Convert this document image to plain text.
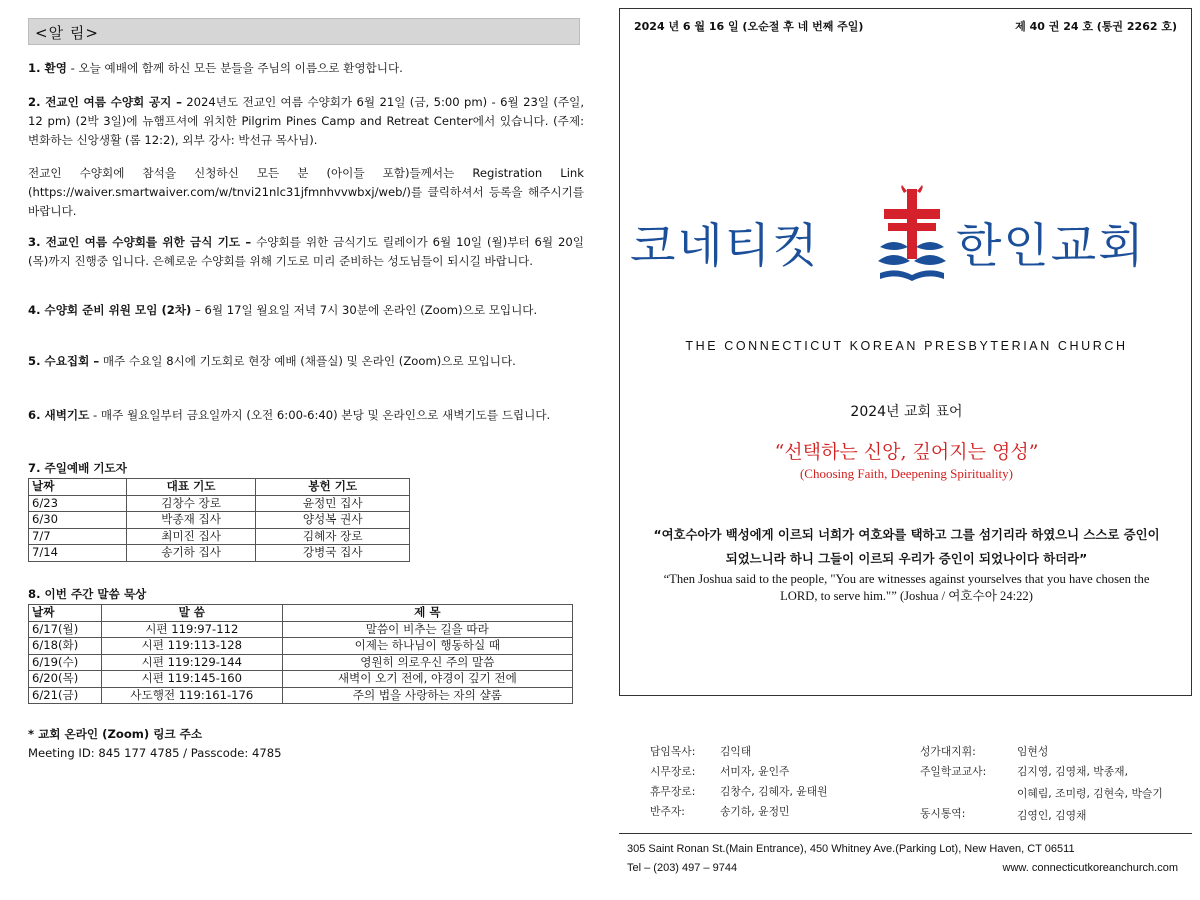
<알 림>
1. 환영 - 오늘 예배에 함께 하신 모든 분들을 주님의 이름으로 환영합니다.
2. 전교인 여름 수양회 공지 – 2024년도 전교인 여름 수양회가 6월 21일 (금, 5:00 pm) - 6월 23일 (주일, 12 pm) (2박 3일)에 뉴햄프셔에 위치한 Pilgrim Pines Camp and Retreat Center에서 있습니다. (주제: 변화하는 신앙생활 (롬 12:2), 외부 강사: 박선규 목사님).
전교인 수양회에 참석을 신청하신 모든 분 (아이들 포함)들께서는 Registration Link (https://waiver.smartwaiver.com/w/tnvi21nlc31jfmnhvvwbxj/web/)를 클릭하셔서 등록을 해주시기를 바랍니다.
3. 전교인 여름 수양회를 위한 금식 기도 – 수양회를 위한 금식기도 릴레이가 6월 10일 (월)부터 6월 20일 (목)까지 진행중 입니다. 은혜로운 수양회를 위해 기도로 미리 준비하는 성도님들이 되시길 바랍니다.
4. 수양회 준비 위원 모임 (2차) – 6월 17일 월요일 저녁 7시 30분에 온라인 (Zoom)으로 모입니다.
5. 수요집회 – 매주 수요일 8시에 기도회로 현장 예배 (채플실) 및 온라인 (Zoom)으로 모입니다.
6. 새벽기도 - 매주 월요일부터 금요일까지 (오전 6:00-6:40) 본당 및 온라인으로 새벽기도를 드립니다.
7. 주일예배 기도자
날짜	대표 기도	봉헌 기도
6/23	김창수 장로	윤정민 집사
6/30	박종재 집사	양성복 권사
7/7	최미진 집사	김혜자 장로
7/14	송기하 집사	강병국 집사
8. 이번 주간 말씀 묵상
날짜	말 씀	제 목
6/17(월)	시편 119:97-112	말씀이 비추는 길을 따라
6/18(화)	시편 119:113-128	이제는 하나님이 행동하실 때
6/19(수)	시편 119:129-144	영원히 의로우신 주의 말씀
6/20(목)	시편 119:145-160	새벽이 오기 전에, 야경이 깊기 전에
6/21(금)	사도행전 119:161-176	주의 법을 사랑하는 자의 샬롬
* 교회 온라인 (Zoom) 링크 주소
Meeting ID: 845 177 4785 / Passcode: 4785
2024 년 6 월 16 일 (오순절 후 네 번째 주일)	제 40 권 24 호 (통권 2262 호)
코네티컷	한인교회
THE CONNECTICUT KOREAN PRESBYTERIAN CHURCH
2024년 교회 표어
“선택하는 신앙, 깊어지는 영성”
(Choosing Faith, Deepening Spirituality)
“여호수아가 백성에게 이르되 너희가 여호와를 택하고 그를 섬기리라 하였으니 스스로 증인이 되었느니라 하니 그들이 이르되 우리가 증인이 되었나이다 하더라”
“Then Joshua said to the people, "You are witnesses against yourselves that you have chosen the LORD, to serve him."” (Joshua / 여호수아 24:22)
담임목사: 김익태
시무장로: 서미자, 윤인주
휴무장로: 김창수, 김혜자, 윤태원
반주자:	송기하, 윤정민
성가대지휘:	임현성
주일학교교사:	김지영, 김영채, 박종재,
이혜림, 조미령, 김현숙, 박슬기
동시통역:	김영인, 김영채
305 Saint Ronan St.(Main Entrance), 450 Whitney Ave.(Parking Lot), New Haven, CT 06511
Tel – (203) 497 – 9744	www. connecticutkoreanchurch.com
